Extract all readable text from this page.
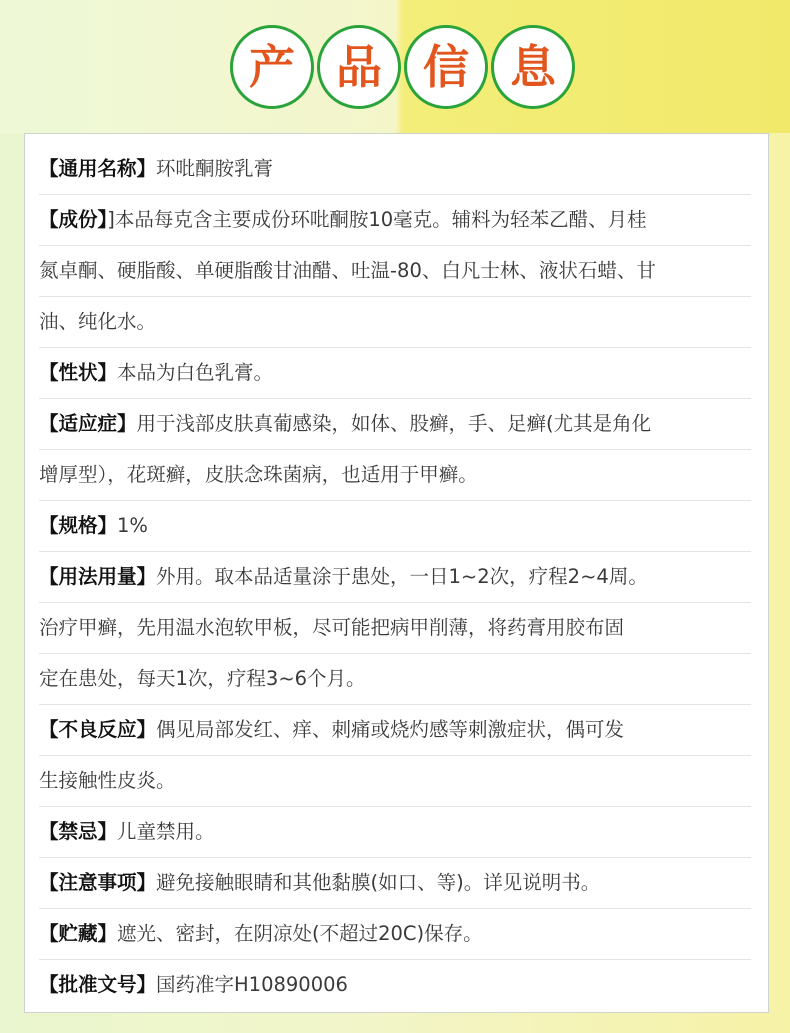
产 品 信 息
【通用名称】环吡酮胺乳膏
【成份】]本品每克含主要成份环吡酮胺10毫克。辅料为轻苯乙醋、月桂
氮卓酮、硬脂酸、单硬脂酸甘油醋、吐温-80、白凡士林、液状石蜡、甘
油、纯化水。
【性状】本品为白色乳膏。
【适应症】用于浅部皮肤真葡感染，如体、股癣，手、足癣(尤其是角化
增厚型），花斑癣，皮肤念珠菌病，也适用于甲癣。
【规格】1%
【用法用量】外用。取本品适量涂于患处，一日1~2次，疗程2~4周。
治疗甲癣，先用温水泡软甲板，尽可能把病甲削薄，将药膏用胶布固
定在患处，每天1次，疗程3~6个月。
【不良反应】偶见局部发红、痒、刺痛或烧灼感等刺激症状，偶可发
生接触性皮炎。
【禁忌】儿童禁用。
【注意事项】避免接触眼睛和其他黏膜(如口、等)。详见说明书。
【贮藏】遮光、密封，在阴凉处(不超过20C)保存。
【批准文号】国药准字H10890006
